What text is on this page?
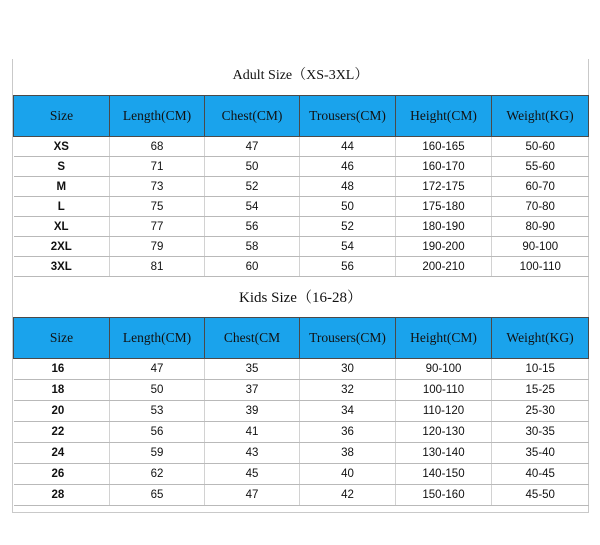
Adult Size（XS-3XL）
Size	Length(CM)	Chest(CM)	Trousers(CM)	Height(CM)	Weight(KG)
XS	68	47	44	160-165	50-60
S	71	50	46	160-170	55-60
M	73	52	48	172-175	60-70
L	75	54	50	175-180	70-80
XL	77	56	52	180-190	80-90
2XL	79	58	54	190-200	90-100
3XL	81	60	56	200-210	100-110
Kids Size（16-28）
Size	Length(CM)	Chest(CM	Trousers(CM)	Height(CM)	Weight(KG)
16	47	35	30	90-100	10-15
18	50	37	32	100-110	15-25
20	53	39	34	110-120	25-30
22	56	41	36	120-130	30-35
24	59	43	38	130-140	35-40
26	62	45	40	140-150	40-45
28	65	47	42	150-160	45-50
